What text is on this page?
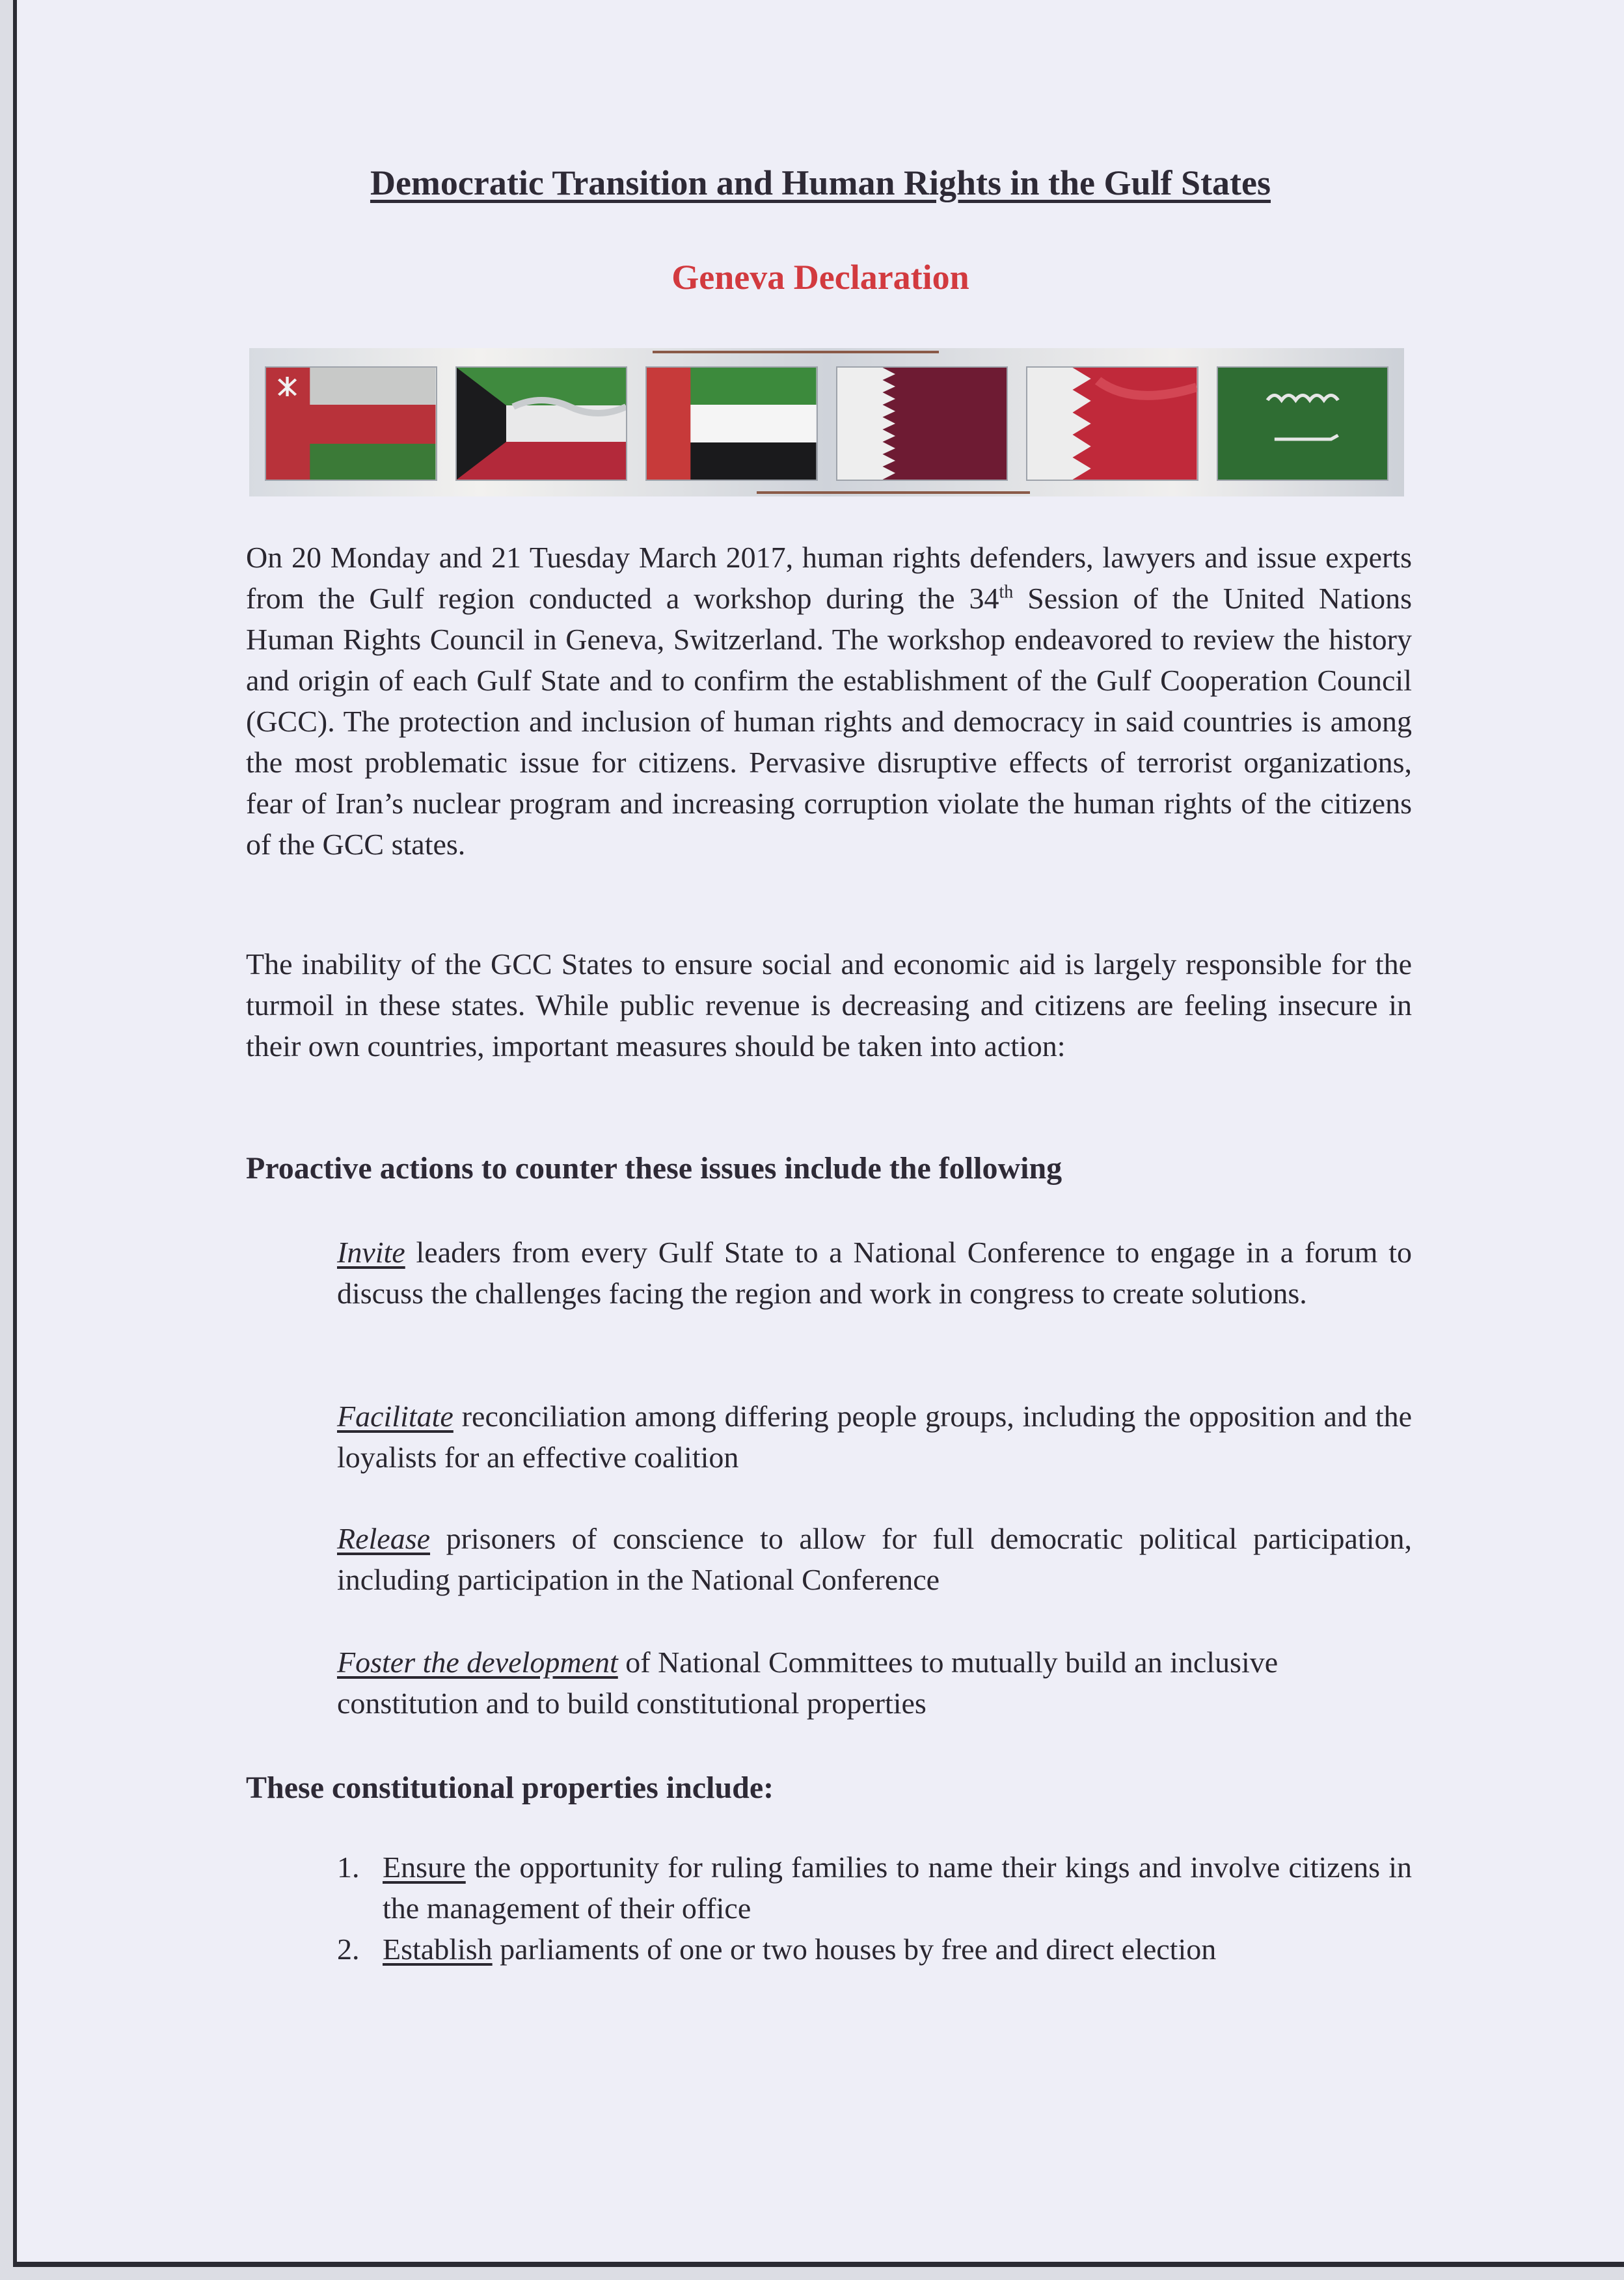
Democratic Transition and Human Rights in the Gulf States
Geneva Declaration

On 20 Monday and 21 Tuesday March 2017, human rights defenders, lawyers and issue experts from the Gulf region conducted a workshop during the 34th Session of the United Nations Human Rights Council in Geneva, Switzerland. The workshop endeavored to review the history and origin of each Gulf State and to confirm the establishment of the Gulf Cooperation Council (GCC). The protection and inclusion of human rights and democracy in said countries is among the most problematic issue for citizens. Pervasive disruptive effects of terrorist organizations, fear of Iran’s nuclear program and increasing corruption violate the human rights of the citizens of the GCC states.

The inability of the GCC States to ensure social and economic aid is largely responsible for the turmoil in these states. While public revenue is decreasing and citizens are feeling insecure in their own countries, important measures should be taken into action:

Proactive actions to counter these issues include the following

Invite leaders from every Gulf State to a National Conference to engage in a forum to discuss the challenges facing the region and work in congress to create solutions.

Facilitate reconciliation among differing people groups, including the opposition and the loyalists for an effective coalition

Release prisoners of conscience to allow for full democratic political participation, including participation in the National Conference

Foster the development of National Committees to mutually build an inclusive constitution and to build constitutional properties

These constitutional properties include:

1. Ensure the opportunity for ruling families to name their kings and involve citizens in the management of their office

2. Establish parliaments of one or two houses by free and direct election
